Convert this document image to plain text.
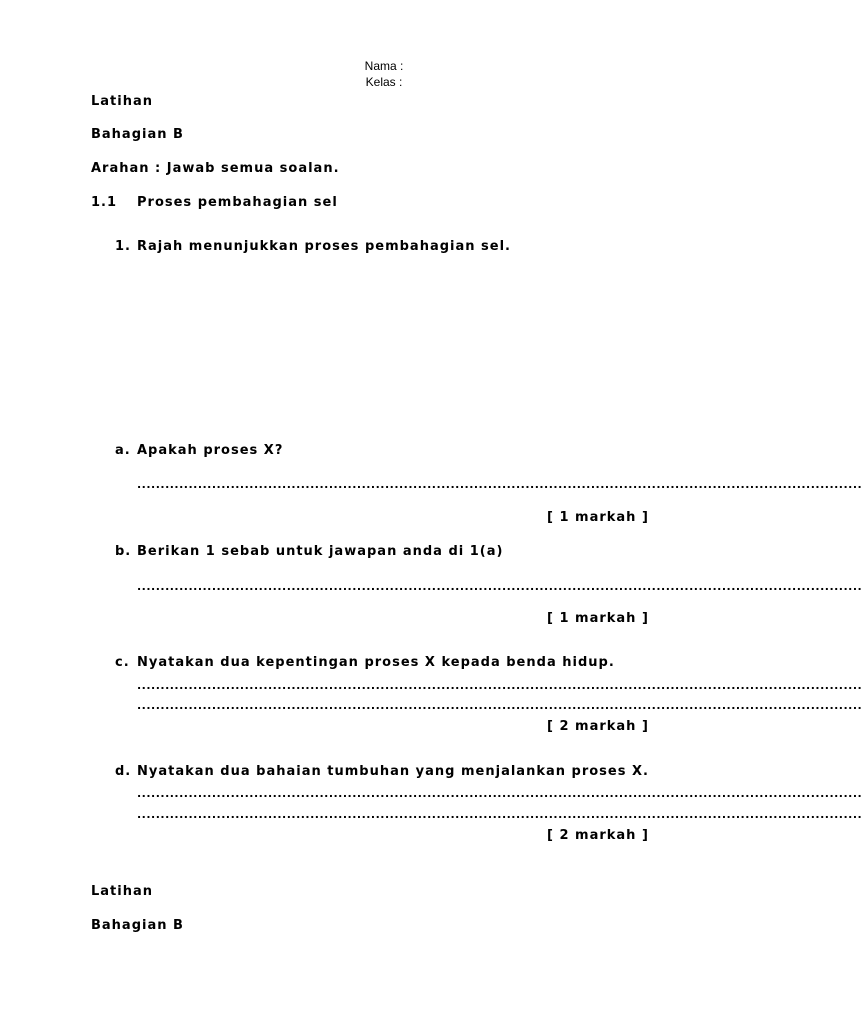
Nama :
Kelas :
Latihan
Bahagian B
Arahan : Jawab semua soalan.
1.1 Proses pembahagian sel
1. Rajah menunjukkan proses pembahagian sel.
a. Apakah proses X?
...........................................................................................................................................................
[ 1 markah ]
b. Berikan 1 sebab untuk jawapan anda di 1(a)
...........................................................................................................................................................
[ 1 markah ]
c. Nyatakan dua kepentingan proses X kepada benda hidup.
...........................................................................................................................................................
...........................................................................................................................................................
[ 2 markah ]
d. Nyatakan dua bahaian tumbuhan yang menjalankan proses X.
...........................................................................................................................................................
...........................................................................................................................................................
[ 2 markah ]
Latihan
Bahagian B
